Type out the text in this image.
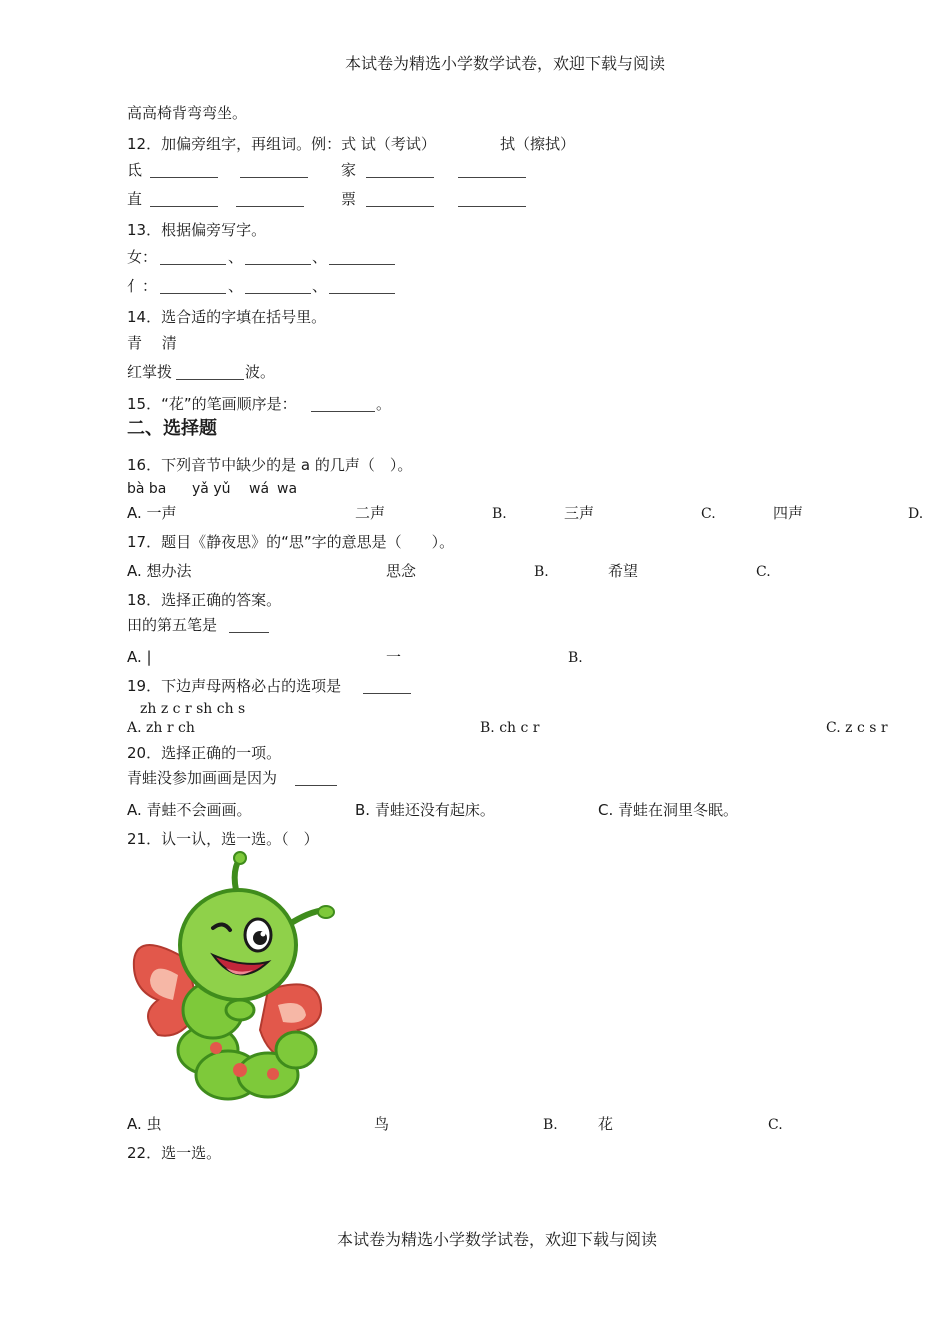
本试卷为精选小学数学试卷，欢迎下载与阅读
高高椅背弯弯坐。
12．加偏旁组字，再组词。例：式 试（考试）	拭（擦拭）
氐	家
直	票
13．根据偏旁写字。
女：	、	、
亻：	、	、
14．选合适的字填在括号里。
青　 清
红掌拨	波。
15．“花”的笔画顺序是：	。
二、选择题
16．下列音节中缺少的是 a 的几声（　）。
bà ba yǎ yǔ wá wa
A. 一声	二声	B.	三声	C.	四声	D.
17．题目《静夜思》的“思”字的意思是（　　）。
A. 想办法	思念	B.	希望	C.
18．选择正确的答案。
田的第五笔是
A. |	一	B.
19．下边声母两格必占的选项是
zh z c r sh ch s
A. zh r ch	B. ch c r	C. z c s r
20．选择正确的一项。
青蛙没参加画画是因为
A. 青蛙不会画画。	B. 青蛙还没有起床。	C. 青蛙在洞里冬眠。
21．认一认，选一选。（　）
A. 虫	鸟	B.	花	C.
22．选一选。
本试卷为精选小学数学试卷，欢迎下载与阅读
